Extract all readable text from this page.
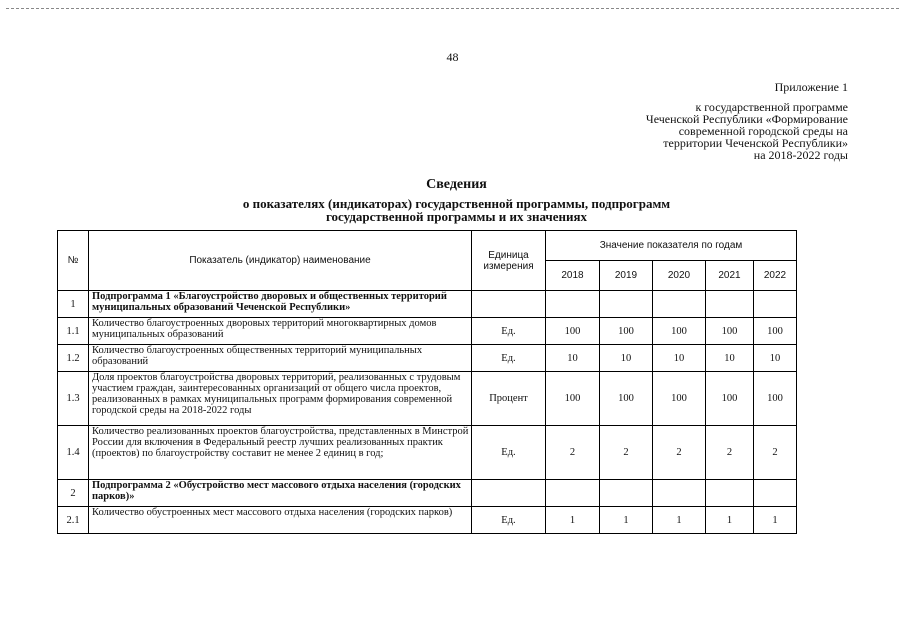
48
Приложение 1
к государственной программе
Чеченской Республики «Формирование
современной городской среды на
территории Чеченской Республики»
на 2018-2022 годы
Сведения
о показателях (индикаторах) государственной программы, подпрограмм
государственной программы и их значениях
№	Показатель (индикатор) наименование	Единица
измерения	Значение показателя по годам				
			2018	2019	2020	2021	2022
1	Подпрограмма 1 «Благоустройство дворовых и общественных территорий муниципальных образований Чеченской Республики»						
1.1	Количество благоустроенных дворовых территорий многоквартирных домов муниципальных образований	Ед.	100	100	100	100	100
1.2	Количество благоустроенных общественных территорий муниципальных образований	Ед.	10	10	10	10	10
1.3	Доля проектов благоустройства дворовых территорий, реализованных с трудовым участием граждан, заинтересованных организаций от общего числа проектов, реализованных в рамках муниципальных программ формирования современной городской среды на 2018-2022 годы	Процент	100	100	100	100	100
1.4	Количество реализованных проектов благоустройства, представленных в Минстрой России для включения в Федеральный реестр лучших реализованных практик (проектов) по благоустройству составит не менее 2 единиц в год;	Ед.	2	2	2	2	2
2	Подпрограмма 2 «Обустройство мест массового отдыха населения (городских парков)»						
2.1	Количество обустроенных мест массового отдыха населения (городских парков)	Ед.	1	1	1	1	1
